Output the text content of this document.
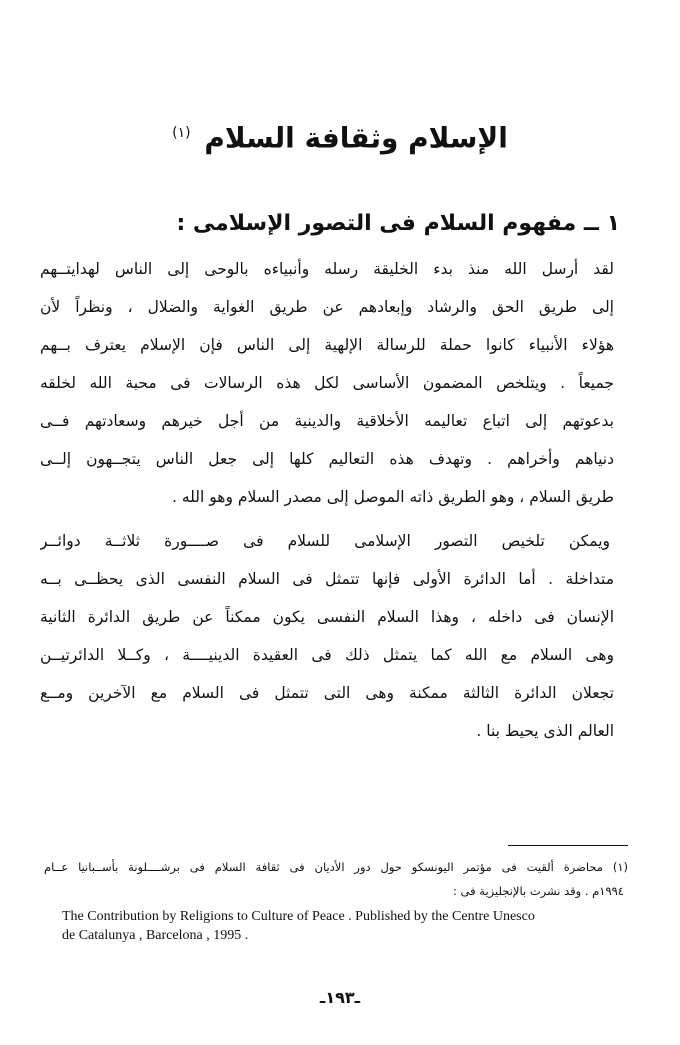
الإسلام وثقافة السلام $^{(١)}$
١ ــ مفهوم السلام فى التصور الإسلامى :
لقد أرسل الله منذ بدء الخليقة رسله وأنبياءه بالوحى إلى الناس لهدايتــهم
إلى طريق الحق والرشاد وإبعادهم عن طريق الغواية والضلال ، ونظراً لأن
هؤلاء الأنبياء كانوا حملة للرسالة الإلهية إلى الناس فإن الإسلام يعترف بــهم
جميعاً . ويتلخص المضمون الأساسى لكل هذه الرسالات فى محبة الله لخلقه
بدعوتهم إلى اتباع تعاليمه الأخلاقية والدينية من أجل خيرهم وسعادتهم فــى
دنياهم وأخراهم . وتهدف هذه التعاليم كلها إلى جعل الناس يتجــهون إلــى
طريق السلام ، وهو الطريق ذاته الموصل إلى مصدر السلام وهو الله .
ويمكن تلخيص التصور الإسلامى للسلام فى صــــورة ثلاثــة دوائــر
متداخلة . أما الدائرة الأولى فإنها تتمثل فى السلام النفسى الذى يحظــى بــه
الإنسان فى داخله ، وهذا السلام النفسى يكون ممكناً عن طريق الدائرة الثانية
وهى السلام مع الله كما يتمثل ذلك فى العقيدة الدينيــــة ، وكــلا الدائرتيــن
تجعلان الدائرة الثالثة ممكنة وهى التى تتمثل فى السلام مع الآخرين ومــع
العالم الذى يحيط بنا .
(١) محاضرة ألقيت فى مؤتمر اليونسكو حول دور الأديان فى ثقافة السلام فى برشــــلونة بأســبانيا عــام
١٩٩٤م . وقد نشرت بالإنجليزية فى :
The Contribution by Religions to Culture of Peace . Published by the Centre Unesco
de Catalunya , Barcelona , 1995 .
ـ١٩٣ـ
